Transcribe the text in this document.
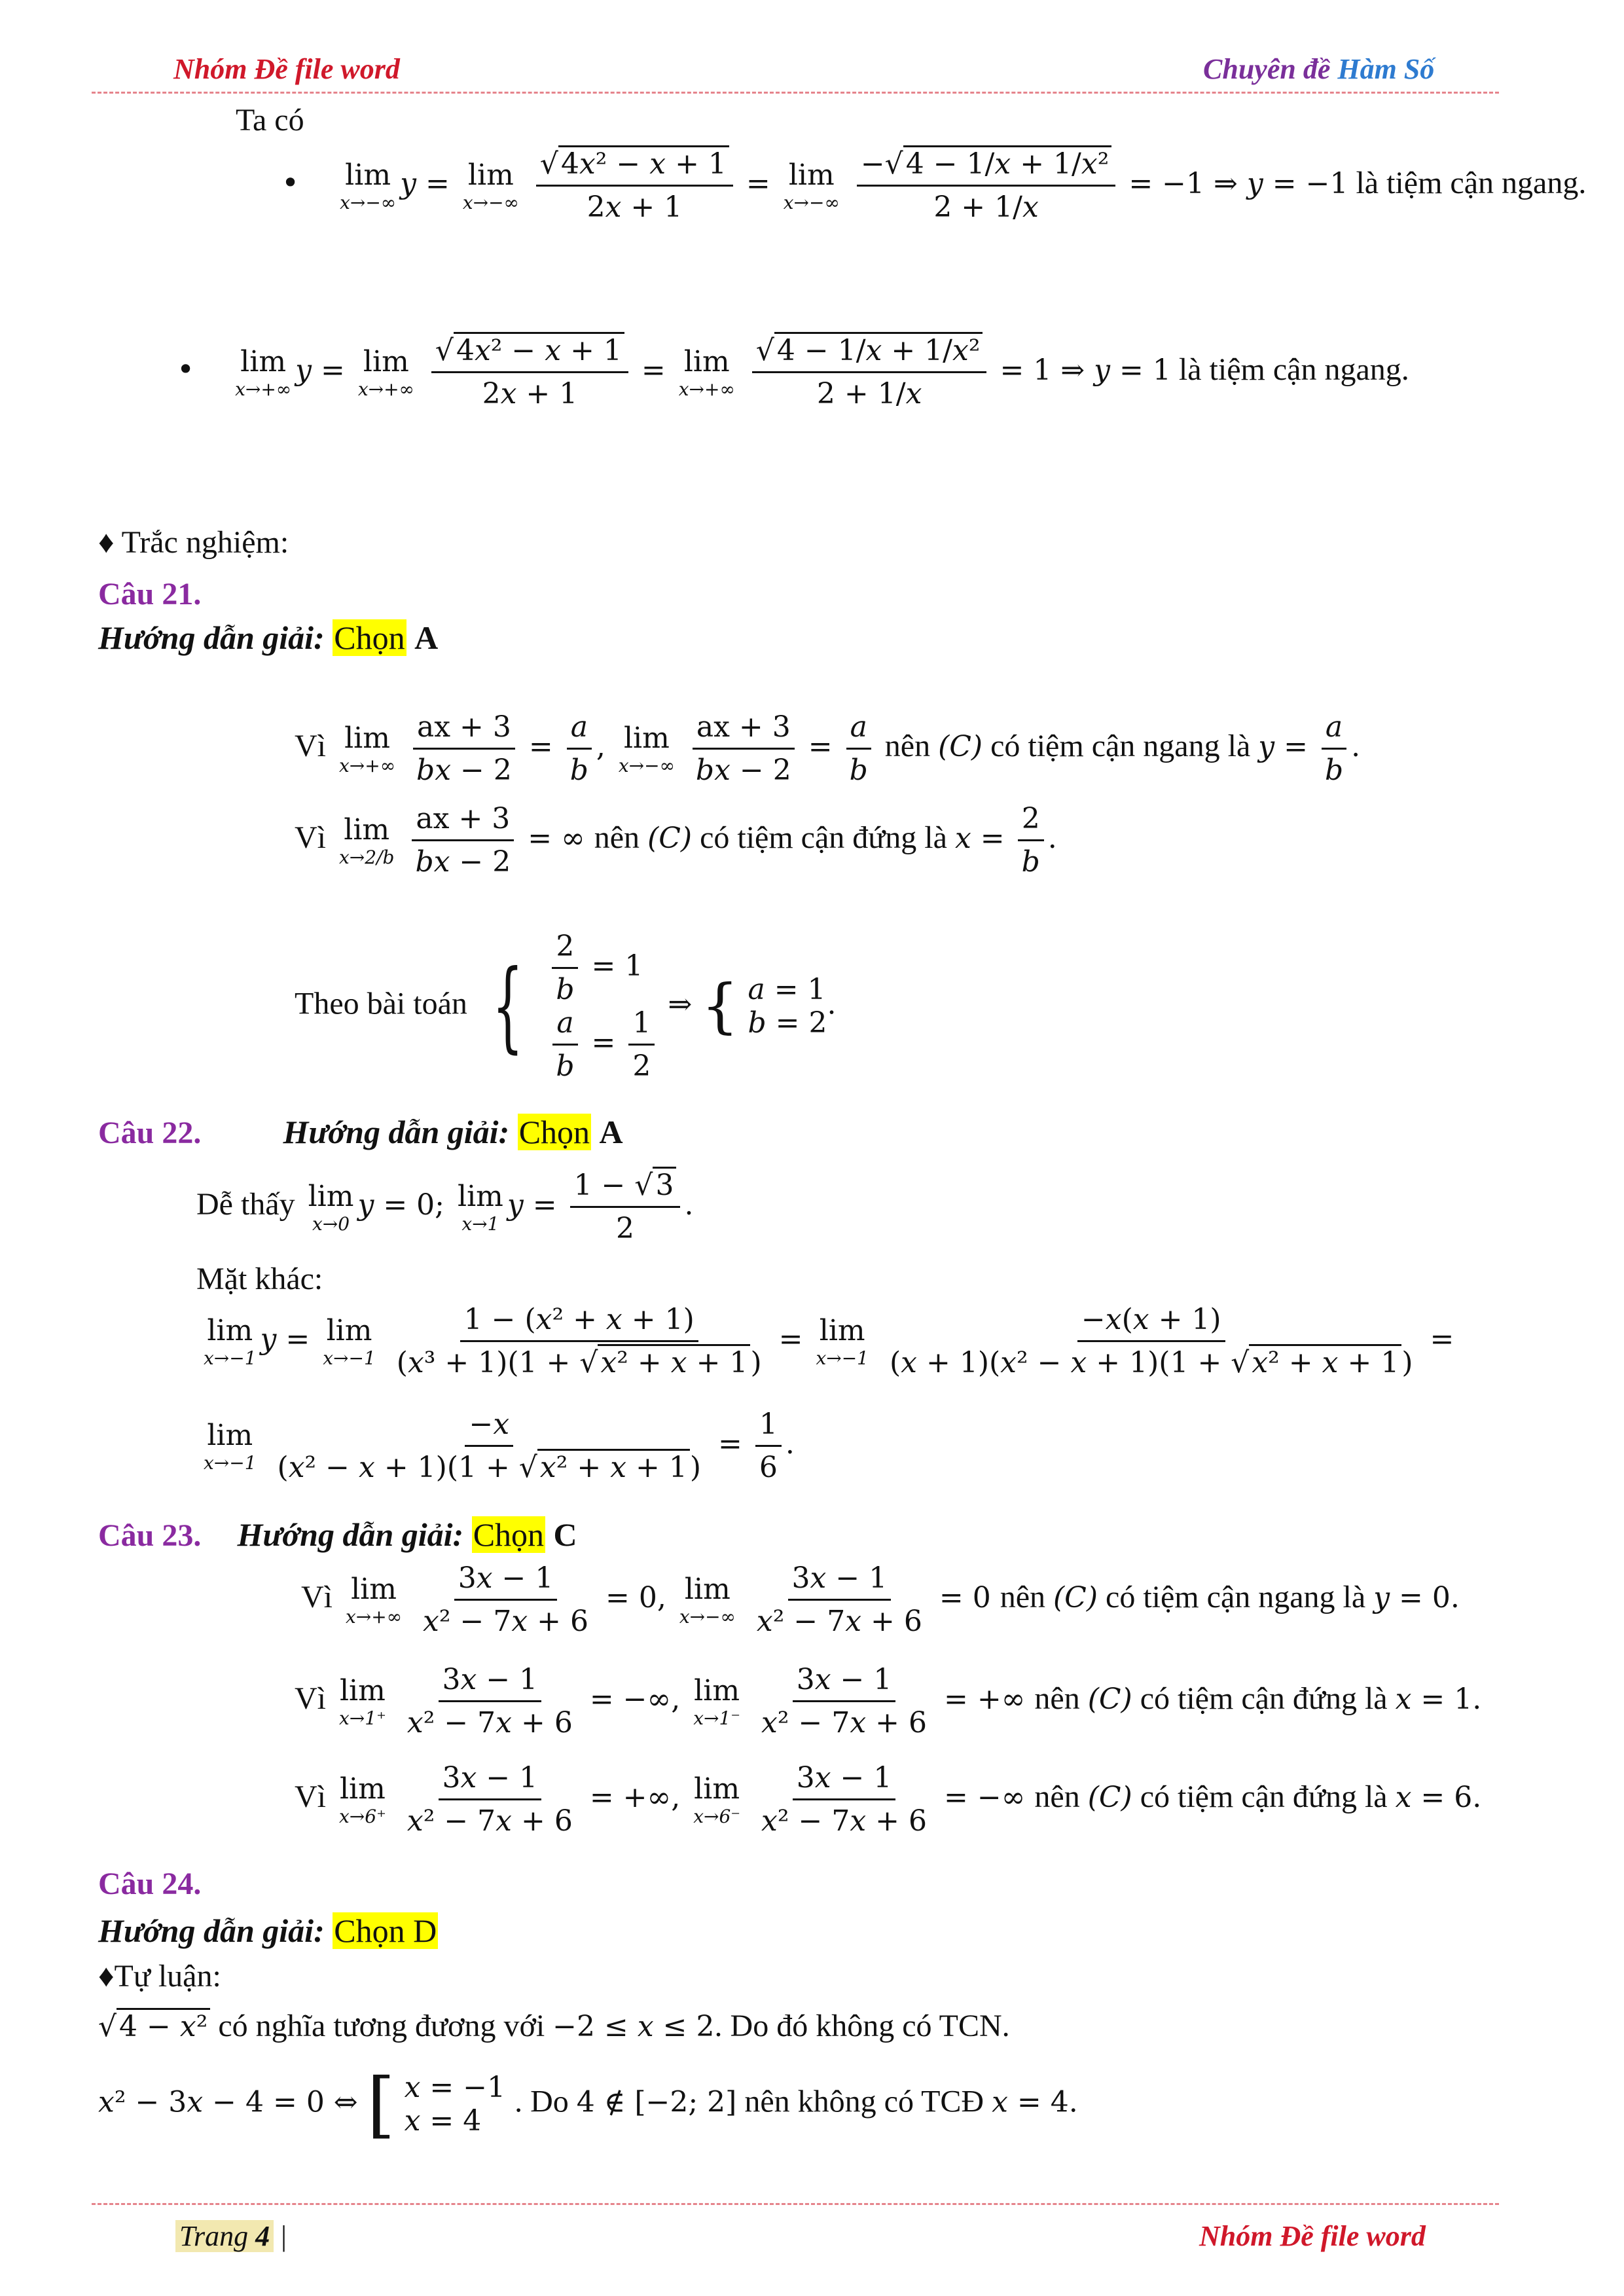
Nhóm Đề file word	Chuyên đề Hàm Số
Ta có
• lim
x→−∞
y = lim
x→−∞
$\frac{\text{√4x² − x + 1}}{2x + 1} = \lim$
x→−∞
$\frac{\text{−√4 − 1/x + 1/x²}}{2 + 1/x} = -1$ ⇒ y = −1 là tiệm cận ngang.
• lim
x→+∞
y = lim
x→+∞
$\frac{\text{√4x² − x + 1}}{2x + 1} = \lim$
x→+∞
$\frac{\text{√4 − 1/x + 1/x²}}{2 + 1/x} = 1$ ⇒ y = 1 là tiệm cận ngang.
♦ Trắc nghiệm:
Câu 21.
Hướng dẫn giải: Chọn A
Vì lim
x→+∞
$\frac{ax + 3}{bx - 2} = \frac{a}{b}$ , lim
x→−∞
$\frac{ax + 3}{bx - 2} = \frac{a}{b}$ nên (C) có tiệm cận ngang là $y = \frac{a}{b}$ .
Vì lim
x→2/b
$\frac{ax + 3}{bx - 2}$ = ∞ nên (C) có tiệm cận đứng là $x = \frac{2}{b}$ .
Theo bài toán { $\frac{2}{b} = 1$
$\frac{a}{b} = \frac{1}{2}$
⇒ { a = 1
b = 2
.
Câu 22.	Hướng dẫn giải: Chọn A
Dễ thấy lim
x→0
y = 0; lim
x→1
$y = \frac{1 - √3}{2}$ .
Mặt khác:
lim
x→−1
y = lim
x→−1
$\frac{\text{1 − (x² + x + 1)}}{\text{(x³ + 1)(1 + √x² + x + 1)}} = \lim$
x→−1
$\frac{-x(x + 1)}{\text{(x + 1)(x² − x + 1)(1 + √x² + x + 1)}}$ =
lim
x→−1
$\frac{-x}{\text{(x² − x + 1)(1 + √x² + x + 1)}} = \frac{1}{6}$ .
Câu 23. Hướng dẫn giải: Chọn C
Vì lim
x→+∞
$\frac{3x - 1}{\text{x² − 7x + 6}} = 0$, lim
x→−∞
$\frac{3x - 1}{\text{x² − 7x + 6}} = 0$ nên (C) có tiệm cận ngang là y = 0.
Vì lim
x→1⁺
$\frac{3x - 1}{\text{x² − 7x + 6}}$ = −∞, lim
x→1⁻
$\frac{3x - 1}{\text{x² − 7x + 6}}$ = +∞ nên (C) có tiệm cận đứng là x = 1.
Vì lim
x→6⁺
$\frac{3x - 1}{\text{x² − 7x + 6}}$ = +∞, lim
x→6⁻
$\frac{3x - 1}{\text{x² − 7x + 6}}$ = −∞ nên (C) có tiệm cận đứng là x = 6.
Câu 24.
Hướng dẫn giải: Chọn D
♦Tự luận:
√4 − x² có nghĩa tương đương với −2 ≤ x ≤ 2. Do đó không có TCN.
x² − 3x − 4 = 0 ⇔ [ x = −1
x = 4
. Do 4 ∉ [−2; 2] nên không có TCĐ x = 4.
Trang 4 |	Nhóm Đề file word
